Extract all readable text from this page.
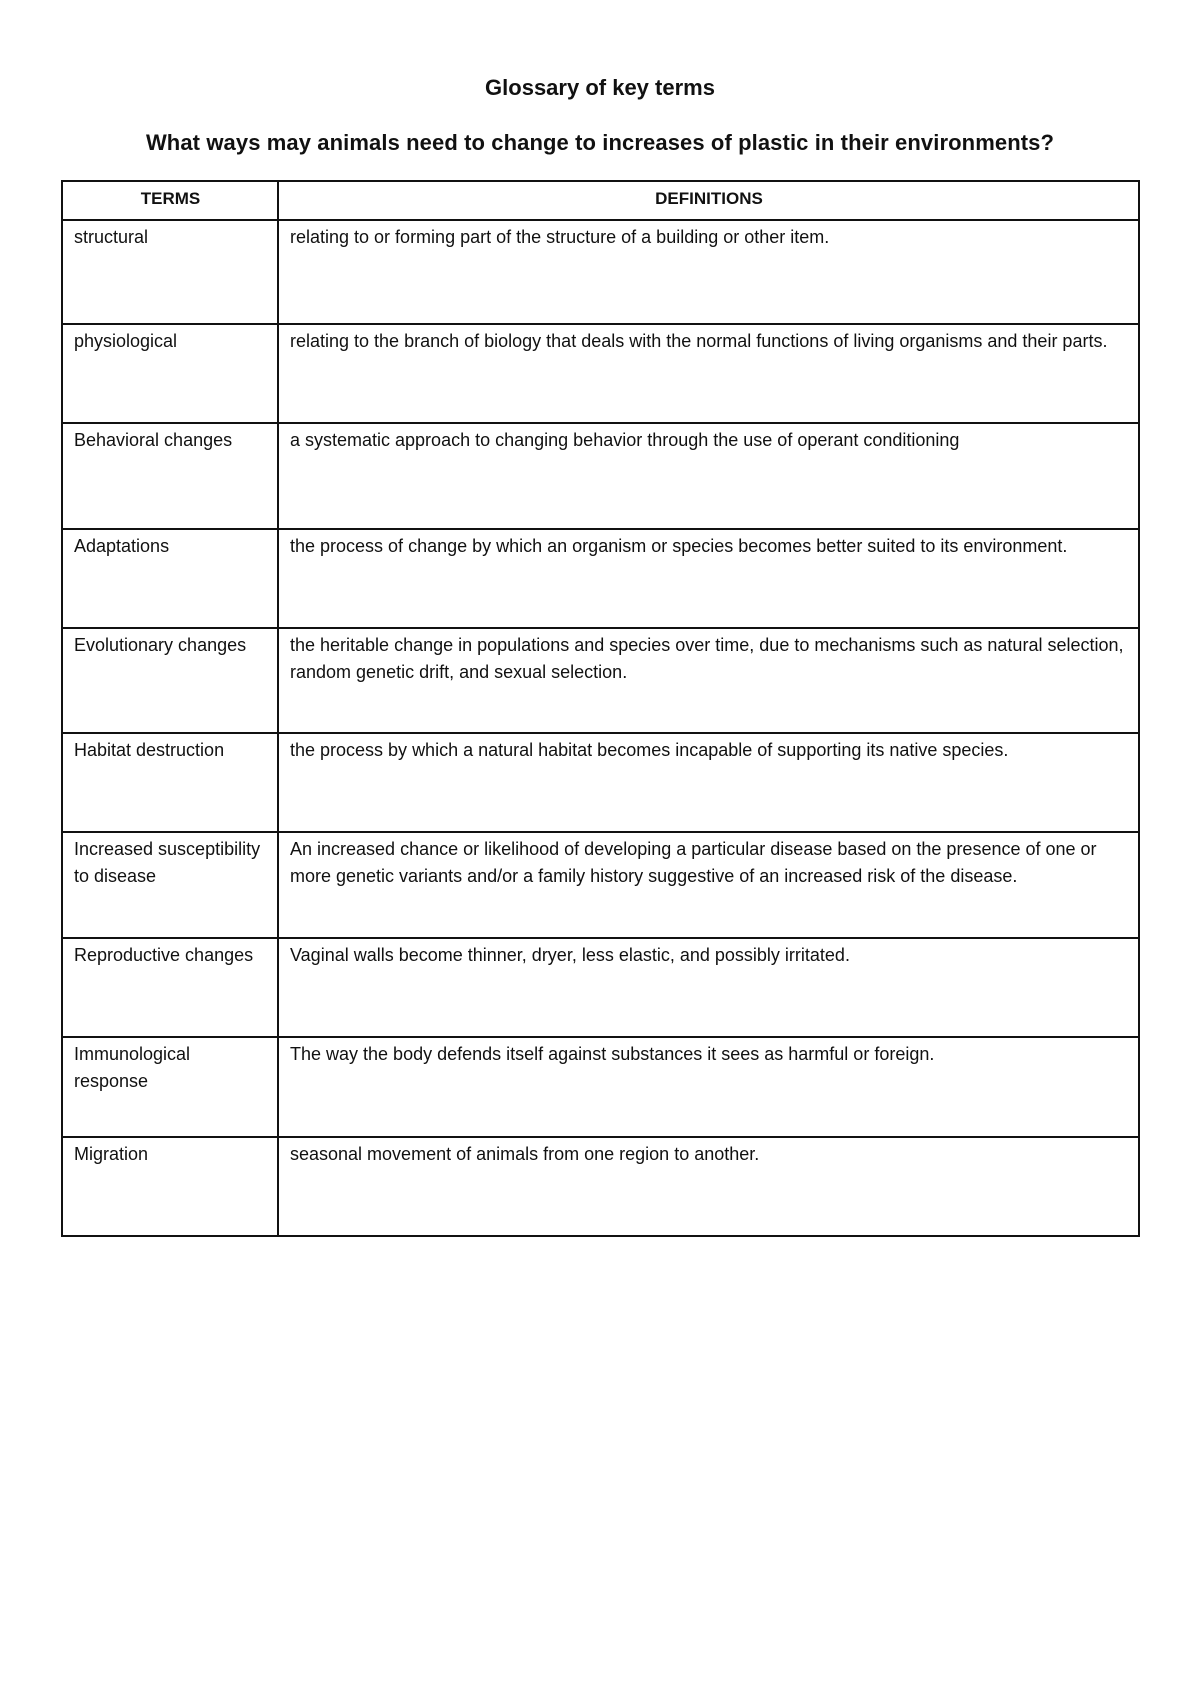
Glossary of key terms
What ways may animals need to change to increases of plastic in their environments?
TERMS	DEFINITIONS
structural	relating to or forming part of the structure of a building or other item.
physiological	relating to the branch of biology that deals with the normal functions of living organisms and their parts.
Behavioral changes	a systematic approach to changing behavior through the use of operant conditioning
Adaptations	the process of change by which an organism or species becomes better suited to its environment.
Evolutionary changes	the heritable change in populations and species over time, due to mechanisms such as natural selection, random genetic drift, and sexual selection.
Habitat destruction	the process by which a natural habitat becomes incapable of supporting its native species.
Increased susceptibility to disease	An increased chance or likelihood of developing a particular disease based on the presence of one or more genetic variants and/or a family history suggestive of an increased risk of the disease.
Reproductive changes	Vaginal walls become thinner, dryer, less elastic, and possibly irritated.
Immunological response	The way the body defends itself against substances it sees as harmful or foreign.
Migration	seasonal movement of animals from one region to another.
